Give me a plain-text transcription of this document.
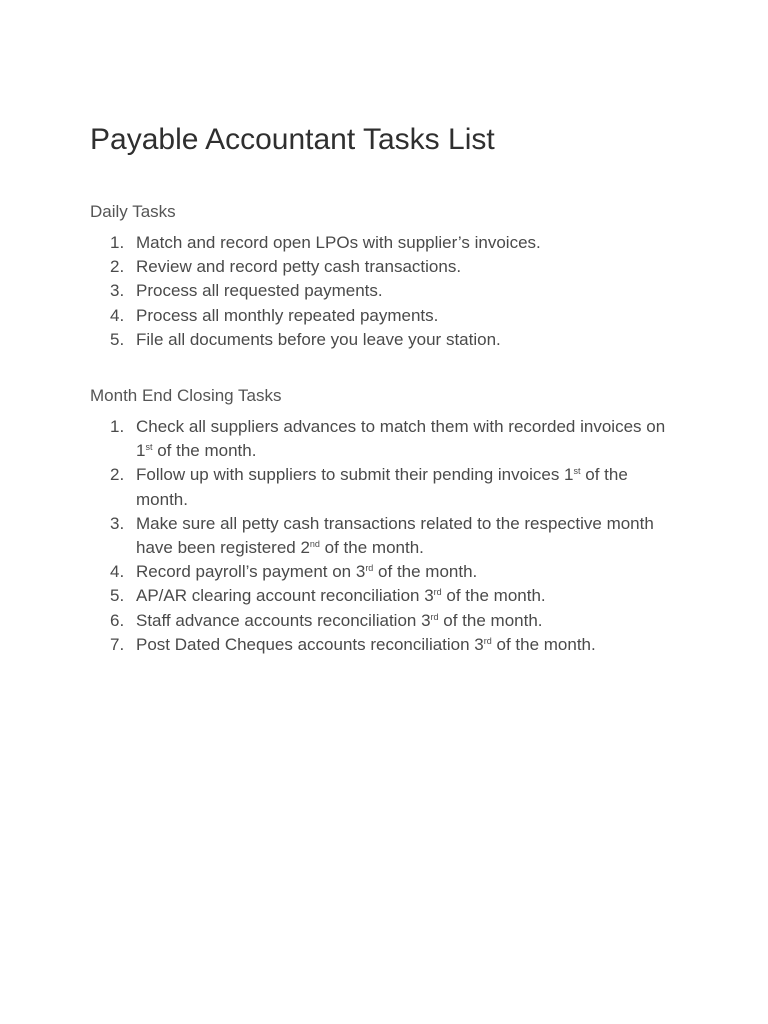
Payable Accountant Tasks List
Daily Tasks
Match and record open LPOs with supplier’s invoices.
Review and record petty cash transactions.
Process all requested payments.
Process all monthly repeated payments.
File all documents before you leave your station.
Month End Closing Tasks
Check all suppliers advances to match them with recorded invoices on 1st of the month.
Follow up with suppliers to submit their pending invoices 1st of the month.
Make sure all petty cash transactions related to the respective month have been registered 2nd of the month.
Record payroll’s payment on 3rd of the month.
AP/AR clearing account reconciliation 3rd of the month.
Staff advance accounts reconciliation 3rd of the month.
Post Dated Cheques accounts reconciliation 3rd of the month.
